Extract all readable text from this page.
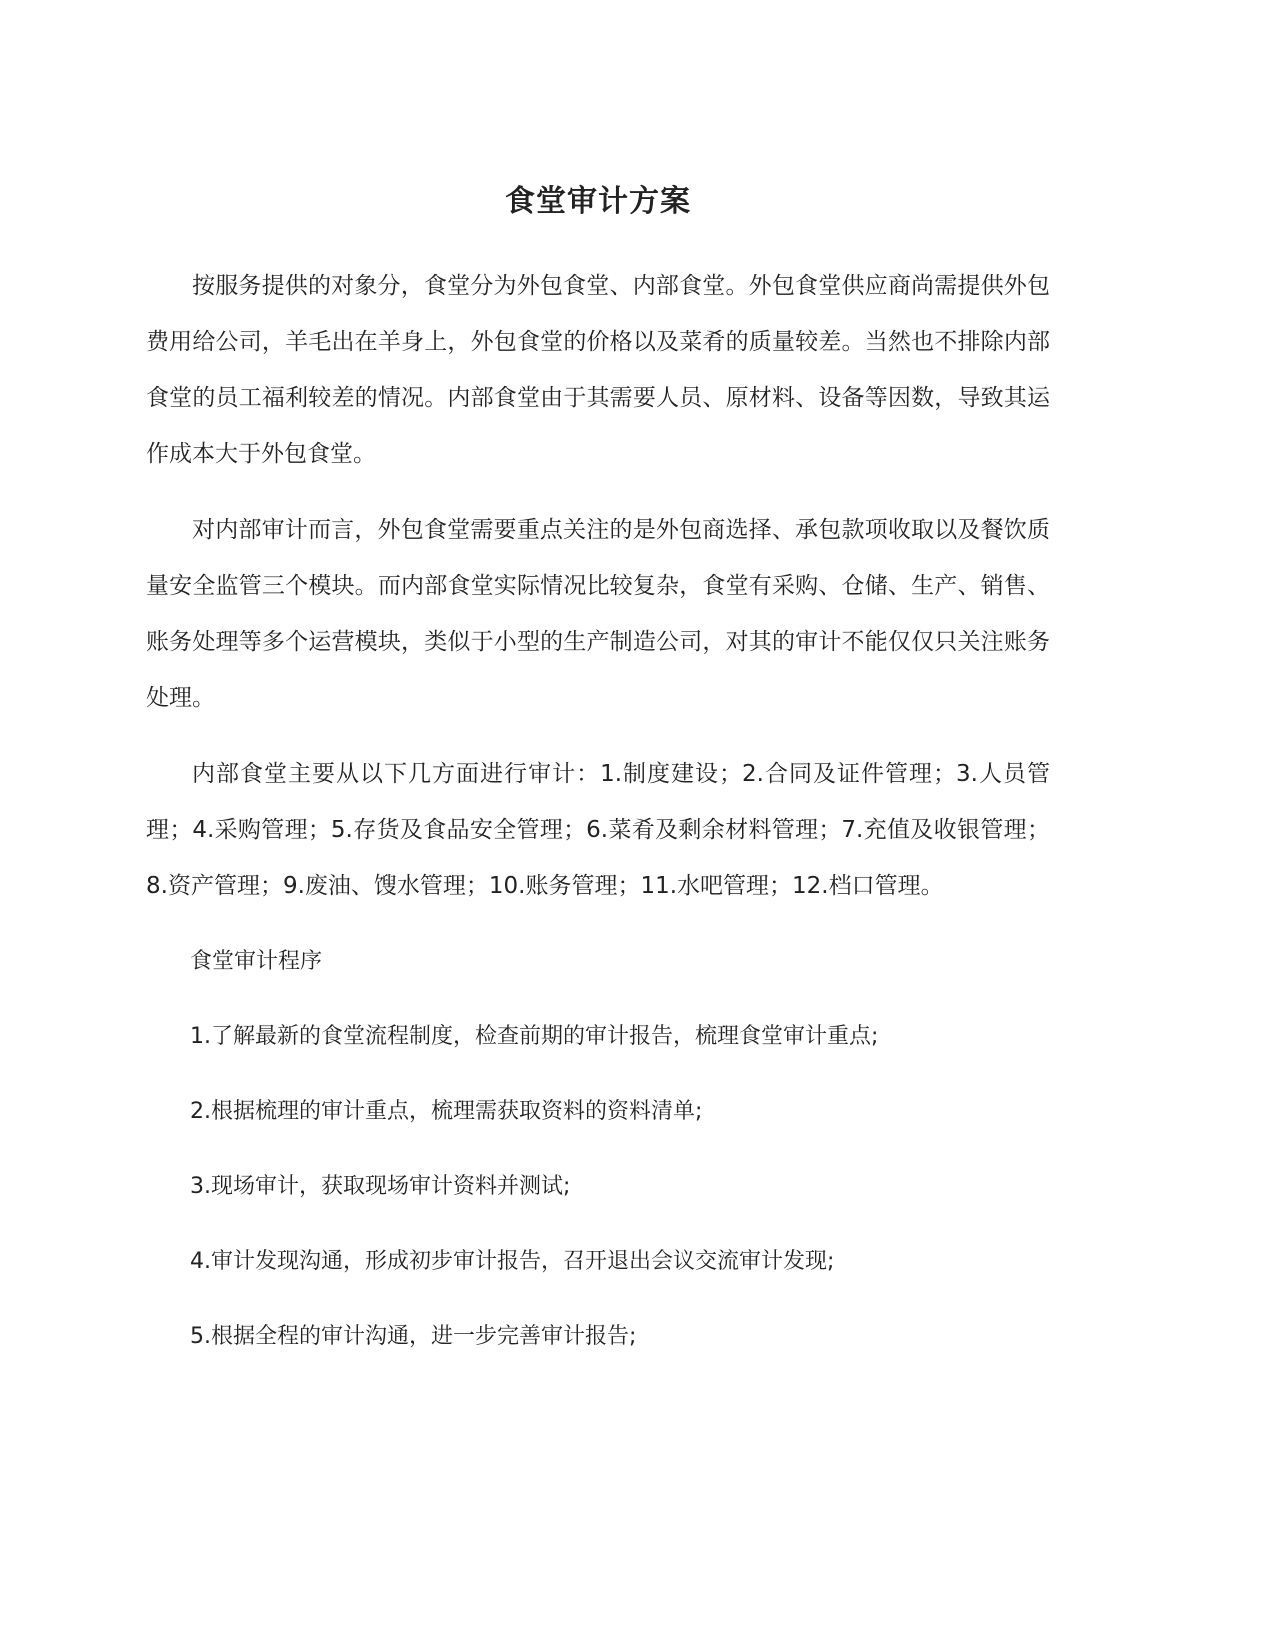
食堂审计方案

按服务提供的对象分，食堂分为外包食堂、内部食堂。外包食堂供应商尚需提供外包费用给公司，羊毛出在羊身上，外包食堂的价格以及菜肴的质量较差。当然也不排除内部食堂的员工福利较差的情况。内部食堂由于其需要人员、原材料、设备等因数，导致其运作成本大于外包食堂。

对内部审计而言，外包食堂需要重点关注的是外包商选择、承包款项收取以及餐饮质量安全监管三个模块。而内部食堂实际情况比较复杂，食堂有采购、仓储、生产、销售、账务处理等多个运营模块，类似于小型的生产制造公司，对其的审计不能仅仅只关注账务处理。

内部食堂主要从以下几方面进行审计：1.制度建设；2.合同及证件管理；3.人员管理；4.采购管理；5.存货及食品安全管理；6.菜肴及剩余材料管理；7.充值及收银管理；8.资产管理；9.废油、馊水管理；10.账务管理；11.水吧管理；12.档口管理。

食堂审计程序

1.了解最新的食堂流程制度，检查前期的审计报告，梳理食堂审计重点;

2.根据梳理的审计重点，梳理需获取资料的资料清单;

3.现场审计，获取现场审计资料并测试;

4.审计发现沟通，形成初步审计报告，召开退出会议交流审计发现;

5.根据全程的审计沟通，进一步完善审计报告;
